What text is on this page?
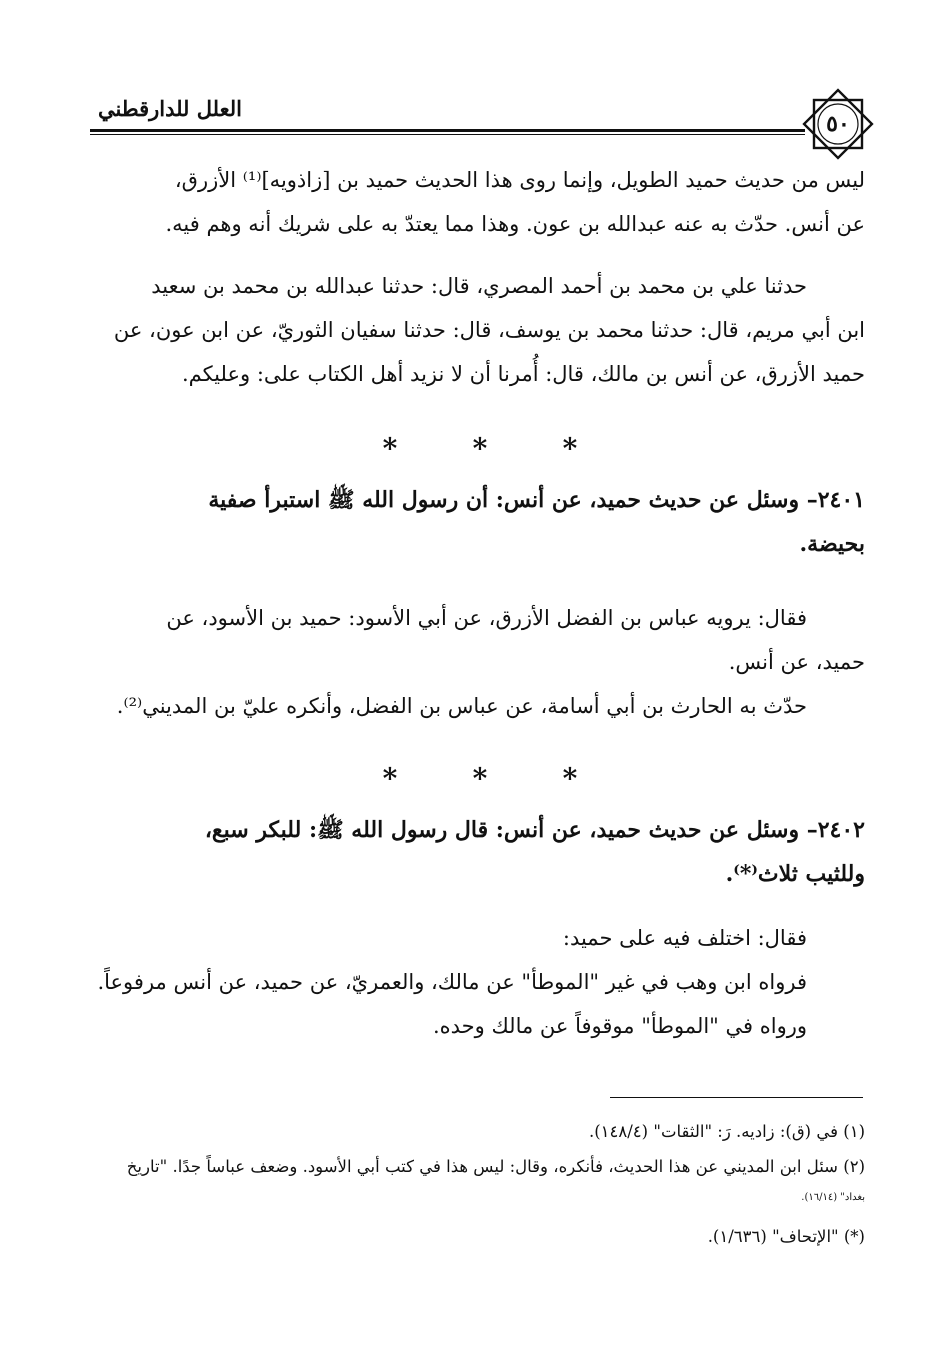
العلل للدارقطني
٥٠
ليس من حديث حميد الطويل، وإنما روى هذا الحديث حميد بن [زاذويه]⁽¹⁾ الأزرق،
عن أنس. حدّث به عنه عبدالله بن عون. وهذا مما يعتدّ به على شريك أنه وهم فيه.
حدثنا علي بن محمد بن أحمد المصري، قال: حدثنا عبدالله بن محمد بن سعيد
ابن أبي مريم، قال: حدثنا محمد بن يوسف، قال: حدثنا سفيان الثوريّ، عن ابن عون، عن
حميد الأزرق، عن أنس بن مالك، قال: أُمرنا أن لا نزيد أهل الكتاب على: وعليكم.
*	*	*
٢٤٠١– وسئل عن حديث حميد، عن أنس: أن رسول الله ﷺ استبرأ صفية
بحيضة.
فقال: يرويه عباس بن الفضل الأزرق، عن أبي الأسود: حميد بن الأسود، عن
حميد، عن أنس.
حدّث به الحارث بن أبي أسامة، عن عباس بن الفضل، وأنكره عليّ بن المديني⁽²⁾.
*	*	*
٢٤٠٢– وسئل عن حديث حميد، عن أنس: قال رسول الله ﷺ: للبكر سبع،
وللثيب ثلاث⁽*⁾.
فقال: اختلف فيه على حميد:
فرواه ابن وهب في غير "الموطأ" عن مالك، والعمريّ، عن حميد، عن أنس مرفوعاً.
ورواه في "الموطأ" موقوفاً عن مالك وحده.
(١) في (ق): زاديه. رَ: "الثقات" (١٤٨/٤).
(٢) سئل ابن المديني عن هذا الحديث، فأنكره، وقال: ليس هذا في كتب أبي الأسود. وضعف عباساً جدًا. "تاريخ
بغداد" (١٦/١٤).
(*) "الإتحاف" (١/٦٣٦).
